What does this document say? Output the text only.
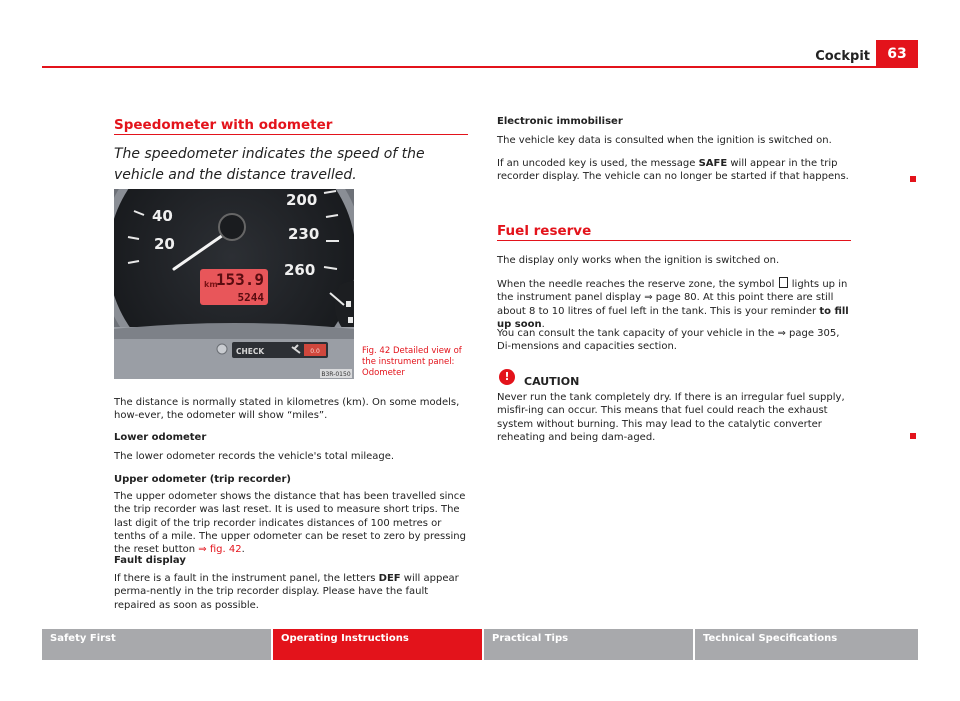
Cockpit	63
Speedometer with odometer
The speedometer indicates the speed of the vehicle and the distance travelled.
40
20
200
230
260
km
153.9
5244
CHECK	0.0
B3R-0150
Fig. 42 Detailed view of the instrument panel: Odometer
The distance is normally stated in kilometres (km). On some models, how-ever, the odometer will show “miles”.
Lower odometer
The lower odometer records the vehicle's total mileage.
Upper odometer (trip recorder)
The upper odometer shows the distance that has been travelled since the trip recorder was last reset. It is used to measure short trips. The last digit of the trip recorder indicates distances of 100 metres or tenths of a mile. The upper odometer can be reset to zero by pressing the reset button ⇒ fig. 42.
Fault display
If there is a fault in the instrument panel, the letters DEF will appear perma-nently in the trip recorder display. Please have the fault repaired as soon as possible.
Electronic immobiliser
The vehicle key data is consulted when the ignition is switched on.
If an uncoded key is used, the message SAFE will appear in the trip recorder display. The vehicle can no longer be started if that happens.
Fuel reserve
The display only works when the ignition is switched on.
When the needle reaches the reserve zone, the symbol  lights up in the instrument panel display ⇒ page 80. At this point there are still about 8 to 10 litres of fuel left in the tank. This is your reminder to fill up soon.
You can consult the tank capacity of your vehicle in the ⇒ page 305, Di-mensions and capacities section.
!	CAUTION
Never run the tank completely dry. If there is an irregular fuel supply, misfir-ing can occur. This means that fuel could reach the exhaust system without burning. This may lead to the catalytic converter reheating and being dam-aged.
Safety First	Operating Instructions	Practical Tips	Technical Specifications
